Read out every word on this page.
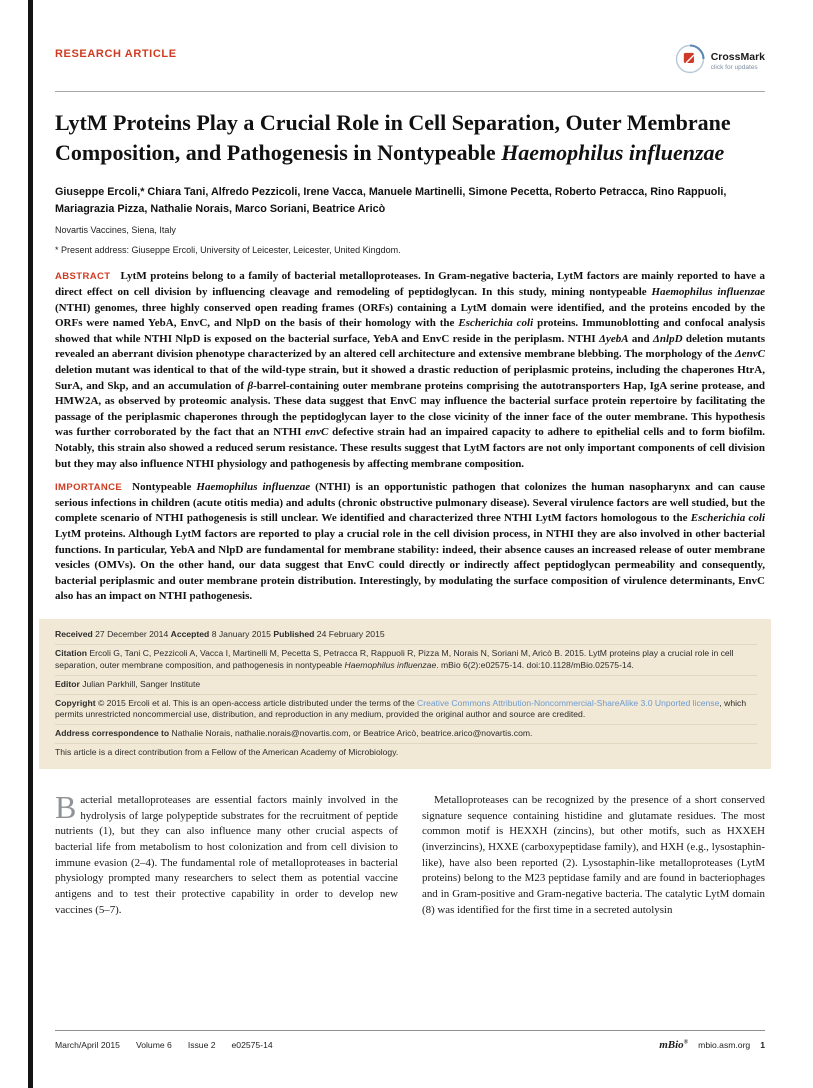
RESEARCH ARTICLE	CrossMark
click for updates
LytM Proteins Play a Crucial Role in Cell Separation, Outer Membrane Composition, and Pathogenesis in Nontypeable Haemophilus influenzae
Giuseppe Ercoli,* Chiara Tani, Alfredo Pezzicoli, Irene Vacca, Manuele Martinelli, Simone Pecetta, Roberto Petracca, Rino Rappuoli, Mariagrazia Pizza, Nathalie Norais, Marco Soriani, Beatrice Aricò
Novartis Vaccines, Siena, Italy
* Present address: Giuseppe Ercoli, University of Leicester, Leicester, United Kingdom.

ABSTRACT LytM proteins belong to a family of bacterial metalloproteases. In Gram-negative bacteria, LytM factors are mainly reported to have a direct effect on cell division by influencing cleavage and remodeling of peptidoglycan. In this study, mining nontypeable Haemophilus influenzae (NTHI) genomes, three highly conserved open reading frames (ORFs) containing a LytM domain were identified, and the proteins encoded by the ORFs were named YebA, EnvC, and NlpD on the basis of their homology with the Escherichia coli proteins. Immunoblotting and confocal analysis showed that while NTHI NlpD is exposed on the bacterial surface, YebA and EnvC reside in the periplasm. NTHI ΔyebA and ΔnlpD deletion mutants revealed an aberrant division phenotype characterized by an altered cell architecture and extensive membrane blebbing. The morphology of the ΔenvC deletion mutant was identical to that of the wild-type strain, but it showed a drastic reduction of periplasmic proteins, including the chaperones HtrA, SurA, and Skp, and an accumulation of β-barrel-containing outer membrane proteins comprising the autotransporters Hap, IgA serine protease, and HMW2A, as observed by proteomic analysis. These data suggest that EnvC may influence the bacterial surface protein repertoire by facilitating the passage of the periplasmic chaperones through the peptidoglycan layer to the close vicinity of the inner face of the outer membrane. This hypothesis was further corroborated by the fact that an NTHI envC defective strain had an impaired capacity to adhere to epithelial cells and to form biofilm. Notably, this strain also showed a reduced serum resistance. These results suggest that LytM factors are not only important components of cell division but they may also influence NTHI physiology and pathogenesis by affecting membrane composition.

IMPORTANCE Nontypeable Haemophilus influenzae (NTHI) is an opportunistic pathogen that colonizes the human nasopharynx and can cause serious infections in children (acute otitis media) and adults (chronic obstructive pulmonary disease). Several virulence factors are well studied, but the complete scenario of NTHI pathogenesis is still unclear. We identified and characterized three NTHI LytM factors homologous to the Escherichia coli LytM proteins. Although LytM factors are reported to play a crucial role in the cell division process, in NTHI they are also involved in other bacterial functions. In particular, YebA and NlpD are fundamental for membrane stability: indeed, their absence causes an increased release of outer membrane vesicles (OMVs). On the other hand, our data suggest that EnvC could directly or indirectly affect peptidoglycan permeability and consequently, bacterial periplasmic and outer membrane protein distribution. Interestingly, by modulating the surface composition of virulence determinants, EnvC also has an impact on NTHI pathogenesis.

Received 27 December 2014 Accepted 8 January 2015 Published 24 February 2015
Citation Ercoli G, Tani C, Pezzicoli A, Vacca I, Martinelli M, Pecetta S, Petracca R, Rappuoli R, Pizza M, Norais N, Soriani M, Aricò B. 2015. LytM proteins play a crucial role in cell separation, outer membrane composition, and pathogenesis in nontypeable Haemophilus influenzae. mBio 6(2):e02575-14. doi:10.1128/mBio.02575-14.
Editor Julian Parkhill, Sanger Institute
Copyright © 2015 Ercoli et al. This is an open-access article distributed under the terms of the Creative Commons Attribution-Noncommercial-ShareAlike 3.0 Unported license, which permits unrestricted noncommercial use, distribution, and reproduction in any medium, provided the original author and source are credited.
Address correspondence to Nathalie Norais, nathalie.norais@novartis.com, or Beatrice Aricò, beatrice.arico@novartis.com.
This article is a direct contribution from a Fellow of the American Academy of Microbiology.

Bacterial metalloproteases are essential factors mainly involved in the hydrolysis of large polypeptide substrates for the recruitment of peptide nutrients (1), but they can also influence many other crucial aspects of bacterial life from metabolism to host colonization and from cell division to immune evasion (2–4). The fundamental role of metalloproteases in bacterial physiology prompted many researchers to select them as potential vaccine antigens and to test their protective capability in order to develop new vaccines (5–7).

Metalloproteases can be recognized by the presence of a short conserved signature sequence containing histidine and glutamate residues. The most common motif is HEXXH (zincins), but other motifs, such as HXXEH (inverzincins), HXXE (carboxypeptidase family), and HXH (e.g., lysostaphin-like), have also been reported (2). Lysostaphin-like metalloproteases (LytM proteins) belong to the M23 peptidase family and are found in bacteriophages and in Gram-positive and Gram-negative bacteria. The catalytic LytM domain (8) was identified for the first time in a secreted autolysin

March/April 2015 Volume 6 Issue 2 e02575-14	mBio® mbio.asm.org 1
